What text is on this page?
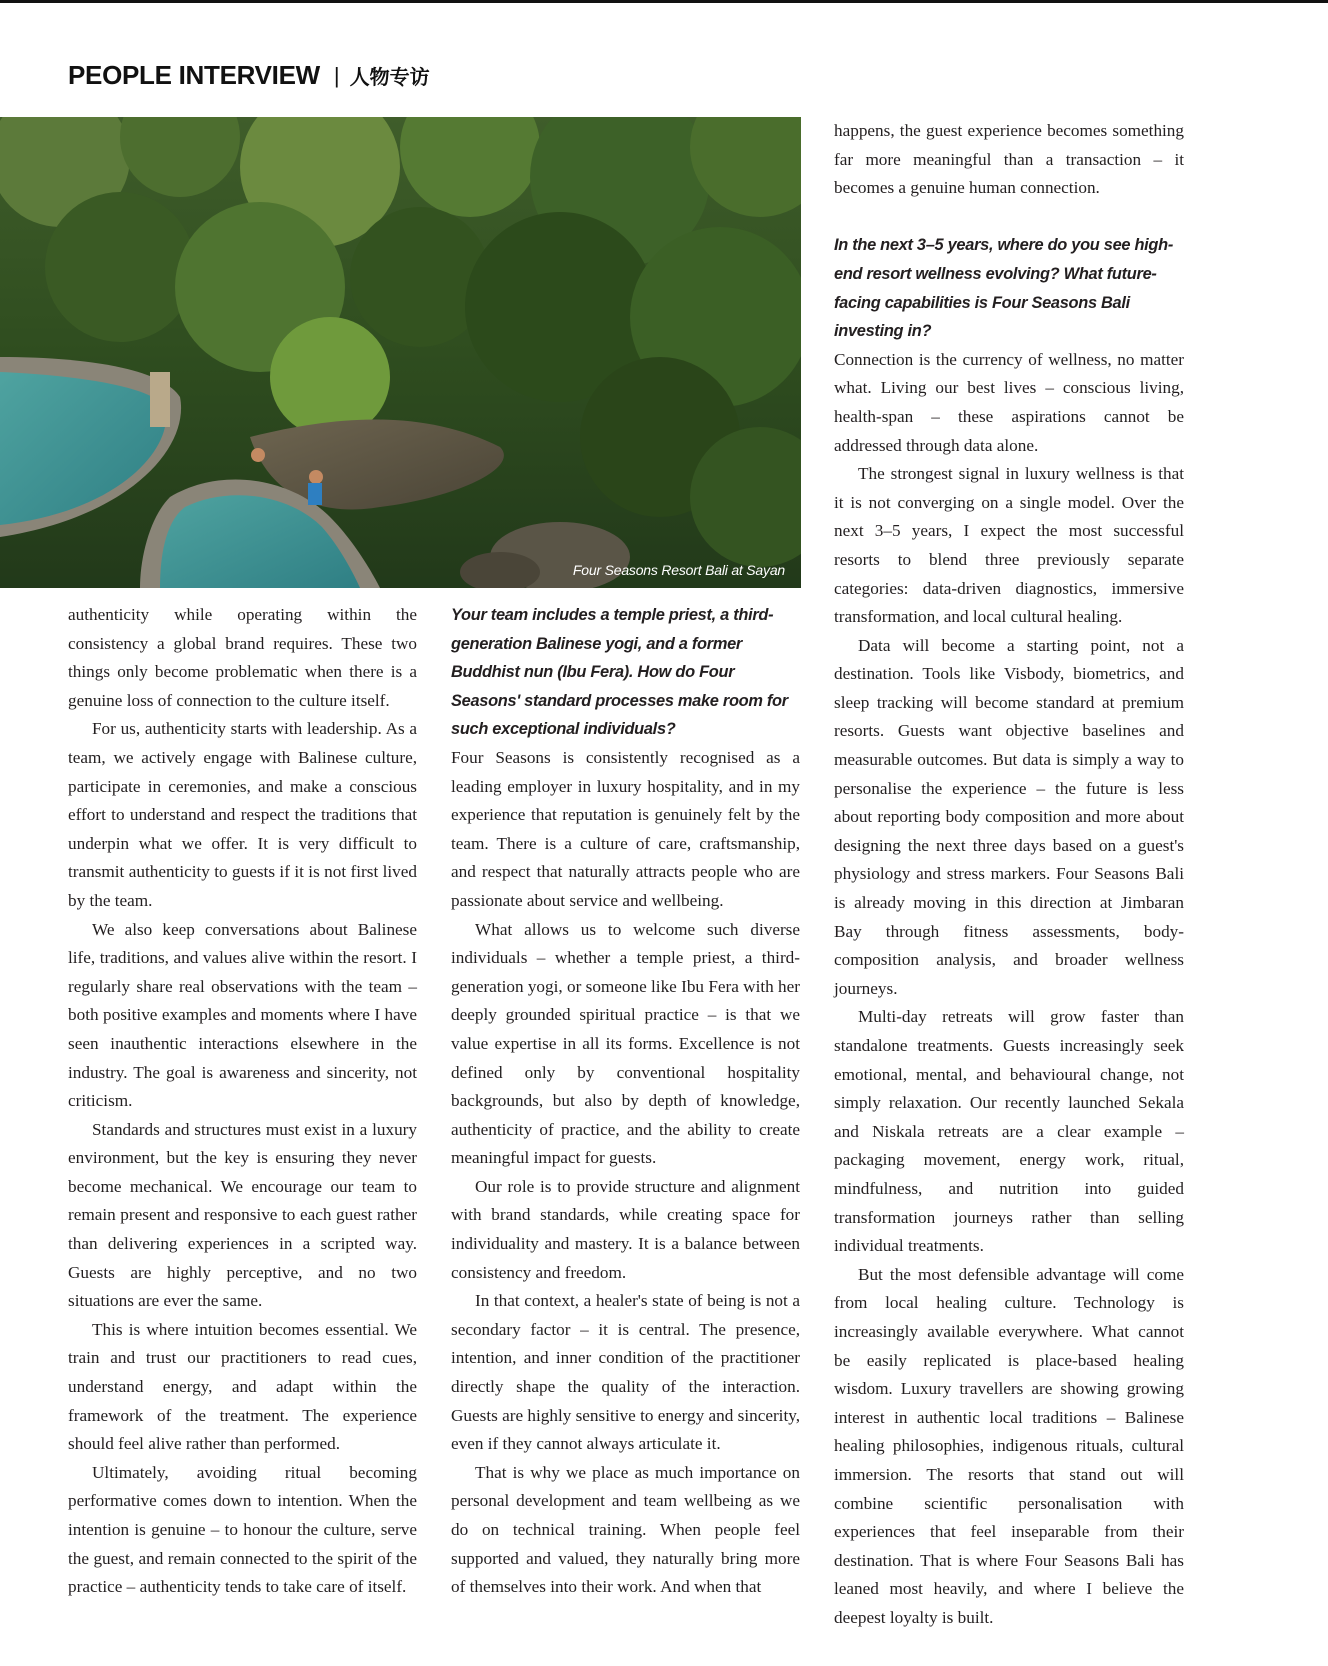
PEOPLE INTERVIEW | 人物专访
Four Seasons Resort Bali at Sayan

authenticity while operating within the consistency a global brand requires. These two things only become problematic when there is a genuine loss of connection to the culture itself.

For us, authenticity starts with leadership. As a team, we actively engage with Balinese culture, participate in ceremonies, and make a conscious effort to understand and respect the traditions that underpin what we offer. It is very difficult to transmit authenticity to guests if it is not first lived by the team.

We also keep conversations about Balinese life, traditions, and values alive within the resort. I regularly share real observations with the team – both positive examples and moments where I have seen inauthentic interactions elsewhere in the industry. The goal is awareness and sincerity, not criticism.

Standards and structures must exist in a luxury environment, but the key is ensuring they never become mechanical. We encourage our team to remain present and responsive to each guest rather than delivering experiences in a scripted way. Guests are highly perceptive, and no two situations are ever the same.

This is where intuition becomes essential. We train and trust our practitioners to read cues, understand energy, and adapt within the framework of the treatment. The experience should feel alive rather than performed.

Ultimately, avoiding ritual becoming performative comes down to intention. When the intention is genuine – to honour the culture, serve the guest, and remain connected to the spirit of the practice – authenticity tends to take care of itself.

Your team includes a temple priest, a third-generation Balinese yogi, and a former Buddhist nun (Ibu Fera). How do Four Seasons' standard processes make room for such exceptional individuals?

Four Seasons is consistently recognised as a leading employer in luxury hospitality, and in my experience that reputation is genuinely felt by the team. There is a culture of care, craftsmanship, and respect that naturally attracts people who are passionate about service and wellbeing.

What allows us to welcome such diverse individuals – whether a temple priest, a third-generation yogi, or someone like Ibu Fera with her deeply grounded spiritual practice – is that we value expertise in all its forms. Excellence is not defined only by conventional hospitality backgrounds, but also by depth of knowledge, authenticity of practice, and the ability to create meaningful impact for guests.

Our role is to provide structure and alignment with brand standards, while creating space for individuality and mastery. It is a balance between consistency and freedom.

In that context, a healer's state of being is not a secondary factor – it is central. The presence, intention, and inner condition of the practitioner directly shape the quality of the interaction. Guests are highly sensitive to energy and sincerity, even if they cannot always articulate it.

That is why we place as much importance on personal development and team wellbeing as we do on technical training. When people feel supported and valued, they naturally bring more of themselves into their work. And when that

happens, the guest experience becomes something far more meaningful than a transaction – it becomes a genuine human connection.

In the next 3–5 years, where do you see high-end resort wellness evolving? What future-facing capabilities is Four Seasons Bali investing in?

Connection is the currency of wellness, no matter what. Living our best lives – conscious living, health-span – these aspirations cannot be addressed through data alone.

The strongest signal in luxury wellness is that it is not converging on a single model. Over the next 3–5 years, I expect the most successful resorts to blend three previously separate categories: data-driven diagnostics, immersive transformation, and local cultural healing.

Data will become a starting point, not a destination. Tools like Visbody, biometrics, and sleep tracking will become standard at premium resorts. Guests want objective baselines and measurable outcomes. But data is simply a way to personalise the experience – the future is less about reporting body composition and more about designing the next three days based on a guest's physiology and stress markers. Four Seasons Bali is already moving in this direction at Jimbaran Bay through fitness assessments, body-composition analysis, and broader wellness journeys.

Multi-day retreats will grow faster than standalone treatments. Guests increasingly seek emotional, mental, and behavioural change, not simply relaxation. Our recently launched Sekala and Niskala retreats are a clear example – packaging movement, energy work, ritual, mindfulness, and nutrition into guided transformation journeys rather than selling individual treatments.

But the most defensible advantage will come from local healing culture. Technology is increasingly available everywhere. What cannot be easily replicated is place-based healing wisdom. Luxury travellers are showing growing interest in authentic local traditions – Balinese healing philosophies, indigenous rituals, cultural immersion. The resorts that stand out will combine scientific personalisation with experiences that feel inseparable from their destination. That is where Four Seasons Bali has leaned most heavily, and where I believe the deepest loyalty is built.
